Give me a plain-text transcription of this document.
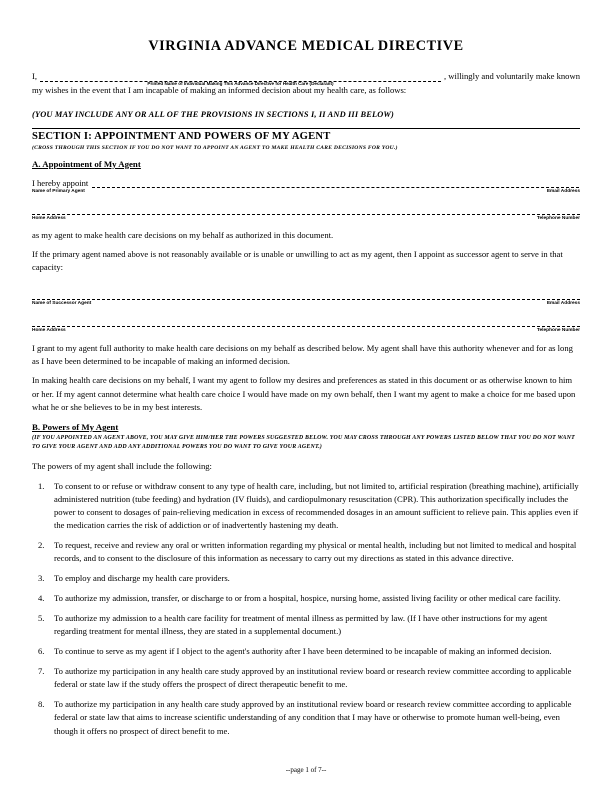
VIRGINIA ADVANCE MEDICAL DIRECTIVE
I,
Printed Name of Individual Making This Advance Directive for Health Care (Declarant)
, willingly and voluntarily make known
my wishes in the event that I am incapable of making an informed decision about my health care, as follows:
(YOU MAY INCLUDE ANY OR ALL OF THE PROVISIONS IN SECTIONS I, II AND III BELOW)
SECTION I: APPOINTMENT AND POWERS OF MY AGENT
(CROSS THROUGH THIS SECTION IF YOU DO NOT WANT TO APPOINT AN AGENT TO MAKE HEALTH CARE DECISIONS FOR YOU.)
A. Appointment of My Agent
I hereby appoint
Name of Primary Agent	Email Address
Home Address	Telephone Number
as my agent to make health care decisions on my behalf as authorized in this document.
If the primary agent named above is not reasonably available or is unable or unwilling to act as my agent, then I appoint as successor agent to serve in that capacity:
Name of Successor Agent	Email Address
Home Address	Telephone Number
I grant to my agent full authority to make health care decisions on my behalf as described below. My agent shall have this authority whenever and for as long as I have been determined to be incapable of making an informed decision.
In making health care decisions on my behalf, I want my agent to follow my desires and preferences as stated in this document or as otherwise known to him or her. If my agent cannot determine what health care choice I would have made on my own behalf, then I want my agent to make a choice for me based upon what he or she believes to be in my best interests.
B. Powers of My Agent
(IF YOU APPOINTED AN AGENT ABOVE, YOU MAY GIVE HIM/HER THE POWERS SUGGESTED BELOW. YOU MAY CROSS THROUGH ANY POWERS LISTED BELOW THAT YOU DO NOT WANT TO GIVE YOUR AGENT AND ADD ANY ADDITIONAL POWERS YOU DO WANT TO GIVE YOUR AGENT.)
The powers of my agent shall include the following:
To consent to or refuse or withdraw consent to any type of health care, including, but not limited to, artificial respiration (breathing machine), artificially administered nutrition (tube feeding) and hydration (IV fluids), and cardiopulmonary resuscitation (CPR). This authorization specifically includes the power to consent to dosages of pain-relieving medication in excess of recommended dosages in an amount sufficient to relieve pain. This applies even if the medication carries the risk of addiction or of inadvertently hastening my death.
To request, receive and review any oral or written information regarding my physical or mental health, including but not limited to medical and hospital records, and to consent to the disclosure of this information as necessary to carry out my directions as stated in this advance directive.
To employ and discharge my health care providers.
To authorize my admission, transfer, or discharge to or from a hospital, hospice, nursing home, assisted living facility or other medical care facility.
To authorize my admission to a health care facility for treatment of mental illness as permitted by law. (If I have other instructions for my agent regarding treatment for mental illness, they are stated in a supplemental document.)
To continue to serve as my agent if I object to the agent's authority after I have been determined to be incapable of making an informed decision.
To authorize my participation in any health care study approved by an institutional review board or research review committee according to applicable federal or state law if the study offers the prospect of direct therapeutic benefit to me.
To authorize my participation in any health care study approved by an institutional review board or research review committee according to applicable federal or state law that aims to increase scientific understanding of any condition that I may have or otherwise to promote human well-being, even though it offers no prospect of direct benefit to me.
--page 1 of 7--
